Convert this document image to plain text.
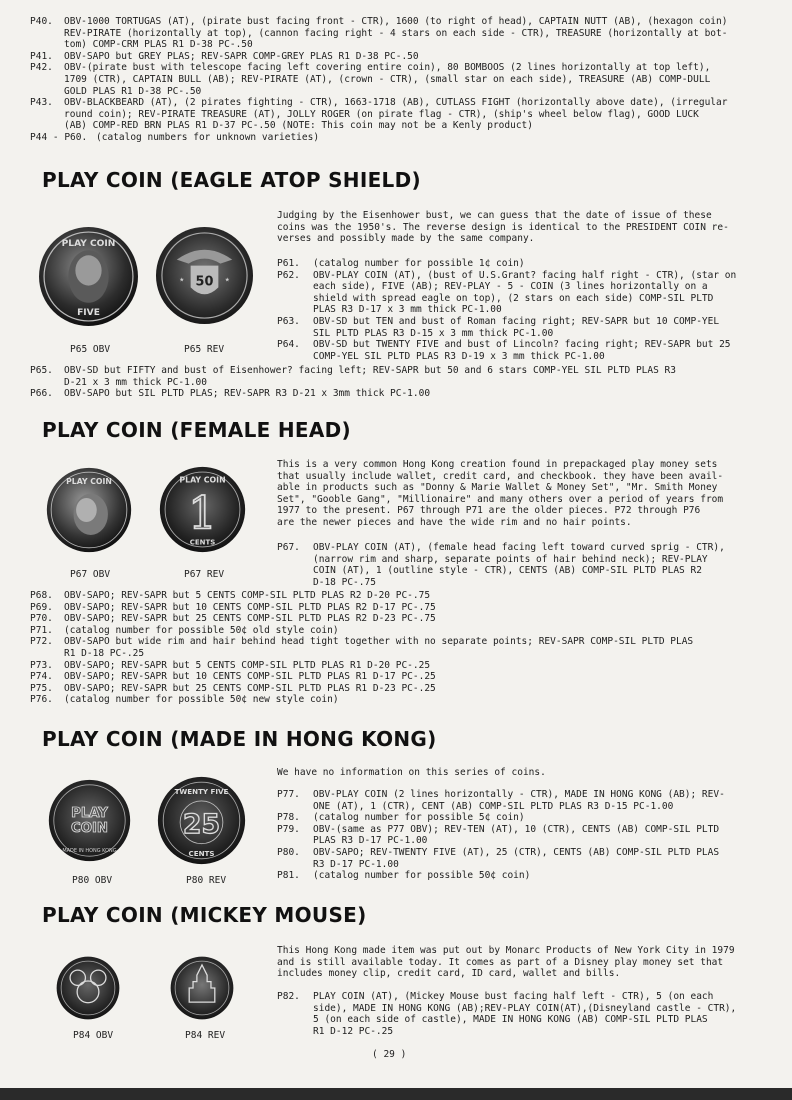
P40. OBV-1000 TORTUGAS (AT), (pirate bust facing front - CTR), 1600 (to right of head), CAPTAIN NUTT (AB), (hexagon coin)
REV-PIRATE (horizontally at top), (cannon facing right - 4 stars on each side - CTR), TREASURE (horizontally at bot-
tom) COMP-CRM PLAS R1 D-38 PC-.50
P41. OBV-SAPO but GREY PLAS; REV-SAPR COMP-GREY PLAS R1 D-38 PC-.50
P42. OBV-(pirate bust with telescope facing left covering entire coin), 80 BOMBOOS (2 lines horizontally at top left),
1709 (CTR), CAPTAIN BULL (AB); REV-PIRATE (AT), (crown - CTR), (small star on each side), TREASURE (AB) COMP-DULL
GOLD PLAS R1 D-38 PC-.50
P43. OBV-BLACKBEARD (AT), (2 pirates fighting - CTR), 1663-1718 (AB), CUTLASS FIGHT (horizontally above date), (irregular
round coin); REV-PIRATE TREASURE (AT), JOLLY ROGER (on pirate flag - CTR), (ship's wheel below flag), GOOD LUCK
(AB) COMP-RED BRN PLAS R1 D-37 PC-.50 (NOTE: This coin may not be a Kenly product)
P44 - P60. (catalog numbers for unknown varieties)
PLAY COIN (EAGLE ATOP SHIELD)
Judging by the Eisenhower bust, we can guess that the date of issue of these
coins was the 1950's. The reverse design is identical to the PRESIDENT COIN re-
verses and possibly made by the same company.
PLAY COIN
FIVE
50
★	★
P65 OBV	P65 REV
P61. (catalog number for possible 1¢ coin)
P62. OBV-PLAY COIN (AT), (bust of U.S.Grant? facing half right - CTR), (star on
each side), FIVE (AB); REV-PLAY - 5 - COIN (3 lines horizontally on a
shield with spread eagle on top), (2 stars on each side) COMP-SIL PLTD
PLAS R3 D-17 x 3 mm thick PC-1.00
P63. OBV-SD but TEN and bust of Roman facing right; REV-SAPR but 10 COMP-YEL
SIL PLTD PLAS R3 D-15 x 3 mm thick PC-1.00
P64. OBV-SD but TWENTY FIVE and bust of Lincoln? facing right; REV-SAPR but 25
COMP-YEL SIL PLTD PLAS R3 D-19 x 3 mm thick PC-1.00
P65. OBV-SD but FIFTY and bust of Eisenhower? facing left; REV-SAPR but 50 and 6 stars COMP-YEL SIL PLTD PLAS R3
D-21 x 3 mm thick PC-1.00
P66. OBV-SAPO but SIL PLTD PLAS; REV-SAPR R3 D-21 x 3mm thick PC-1.00
PLAY COIN (FEMALE HEAD)
This is a very common Hong Kong creation found in prepackaged play money sets
that usually include wallet, credit card, and checkbook. they have been avail-
able in products such as "Donny & Marie Wallet & Money Set", "Mr. Smith Money
Set", "Gooble Gang", "Millionaire" and many others over a period of years from
1977 to the present. P67 through P71 are the older pieces. P72 through P76
are the newer pieces and have the wide rim and no hair points.
PLAY COIN
1
PLAY COIN
CENTS
P67 OBV	P67 REV
P67. OBV-PLAY COIN (AT), (female head facing left toward curved sprig - CTR),
(narrow rim and sharp, separate points of hair behind neck); REV-PLAY
COIN (AT), 1 (outline style - CTR), CENTS (AB) COMP-SIL PLTD PLAS R2
D-18 PC-.75
P68. OBV-SAPO; REV-SAPR but 5 CENTS COMP-SIL PLTD PLAS R2 D-20 PC-.75
P69. OBV-SAPO; REV-SAPR but 10 CENTS COMP-SIL PLTD PLAS R2 D-17 PC-.75
P70. OBV-SAPO; REV-SAPR but 25 CENTS COMP-SIL PLTD PLAS R2 D-23 PC-.75
P71. (catalog number for possible 50¢ old style coin)
P72. OBV-SAPO but wide rim and hair behind head tight together with no separate points; REV-SAPR COMP-SIL PLTD PLAS
R1 D-18 PC-.25
P73. OBV-SAPO; REV-SAPR but 5 CENTS COMP-SIL PLTD PLAS R1 D-20 PC-.25
P74. OBV-SAPO; REV-SAPR but 10 CENTS COMP-SIL PLTD PLAS R1 D-17 PC-.25
P75. OBV-SAPO; REV-SAPR but 25 CENTS COMP-SIL PLTD PLAS R1 D-23 PC-.25
P76. (catalog number for possible 50¢ new style coin)
PLAY COIN (MADE IN HONG KONG)
We have no information on this series of coins.
PLAY
COIN
MADE IN HONG KONG
25
TWENTY FIVE
CENTS
P80 OBV	P80 REV
P77. OBV-PLAY COIN (2 lines horizontally - CTR), MADE IN HONG KONG (AB); REV-
ONE (AT), 1 (CTR), CENT (AB) COMP-SIL PLTD PLAS R3 D-15 PC-1.00
P78. (catalog number for possible 5¢ coin)
P79. OBV-(same as P77 OBV); REV-TEN (AT), 10 (CTR), CENTS (AB) COMP-SIL PLTD
PLAS R3 D-17 PC-1.00
P80. OBV-SAPO; REV-TWENTY FIVE (AT), 25 (CTR), CENTS (AB) COMP-SIL PLTD PLAS
R3 D-17 PC-1.00
P81. (catalog number for possible 50¢ coin)
PLAY COIN (MICKEY MOUSE)
This Hong Kong made item was put out by Monarc Products of New York City in 1979
and is still available today. It comes as part of a Disney play money set that
includes money clip, credit card, ID card, wallet and bills.
P84 OBV	P84 REV
P82. PLAY COIN (AT), (Mickey Mouse bust facing half left - CTR), 5 (on each
side), MADE IN HONG KONG (AB);REV-PLAY COIN(AT),(Disneyland castle - CTR),
5 (on each side of castle), MADE IN HONG KONG (AB) COMP-SIL PLTD PLAS
R1 D-12 PC-.25
( 29 )
